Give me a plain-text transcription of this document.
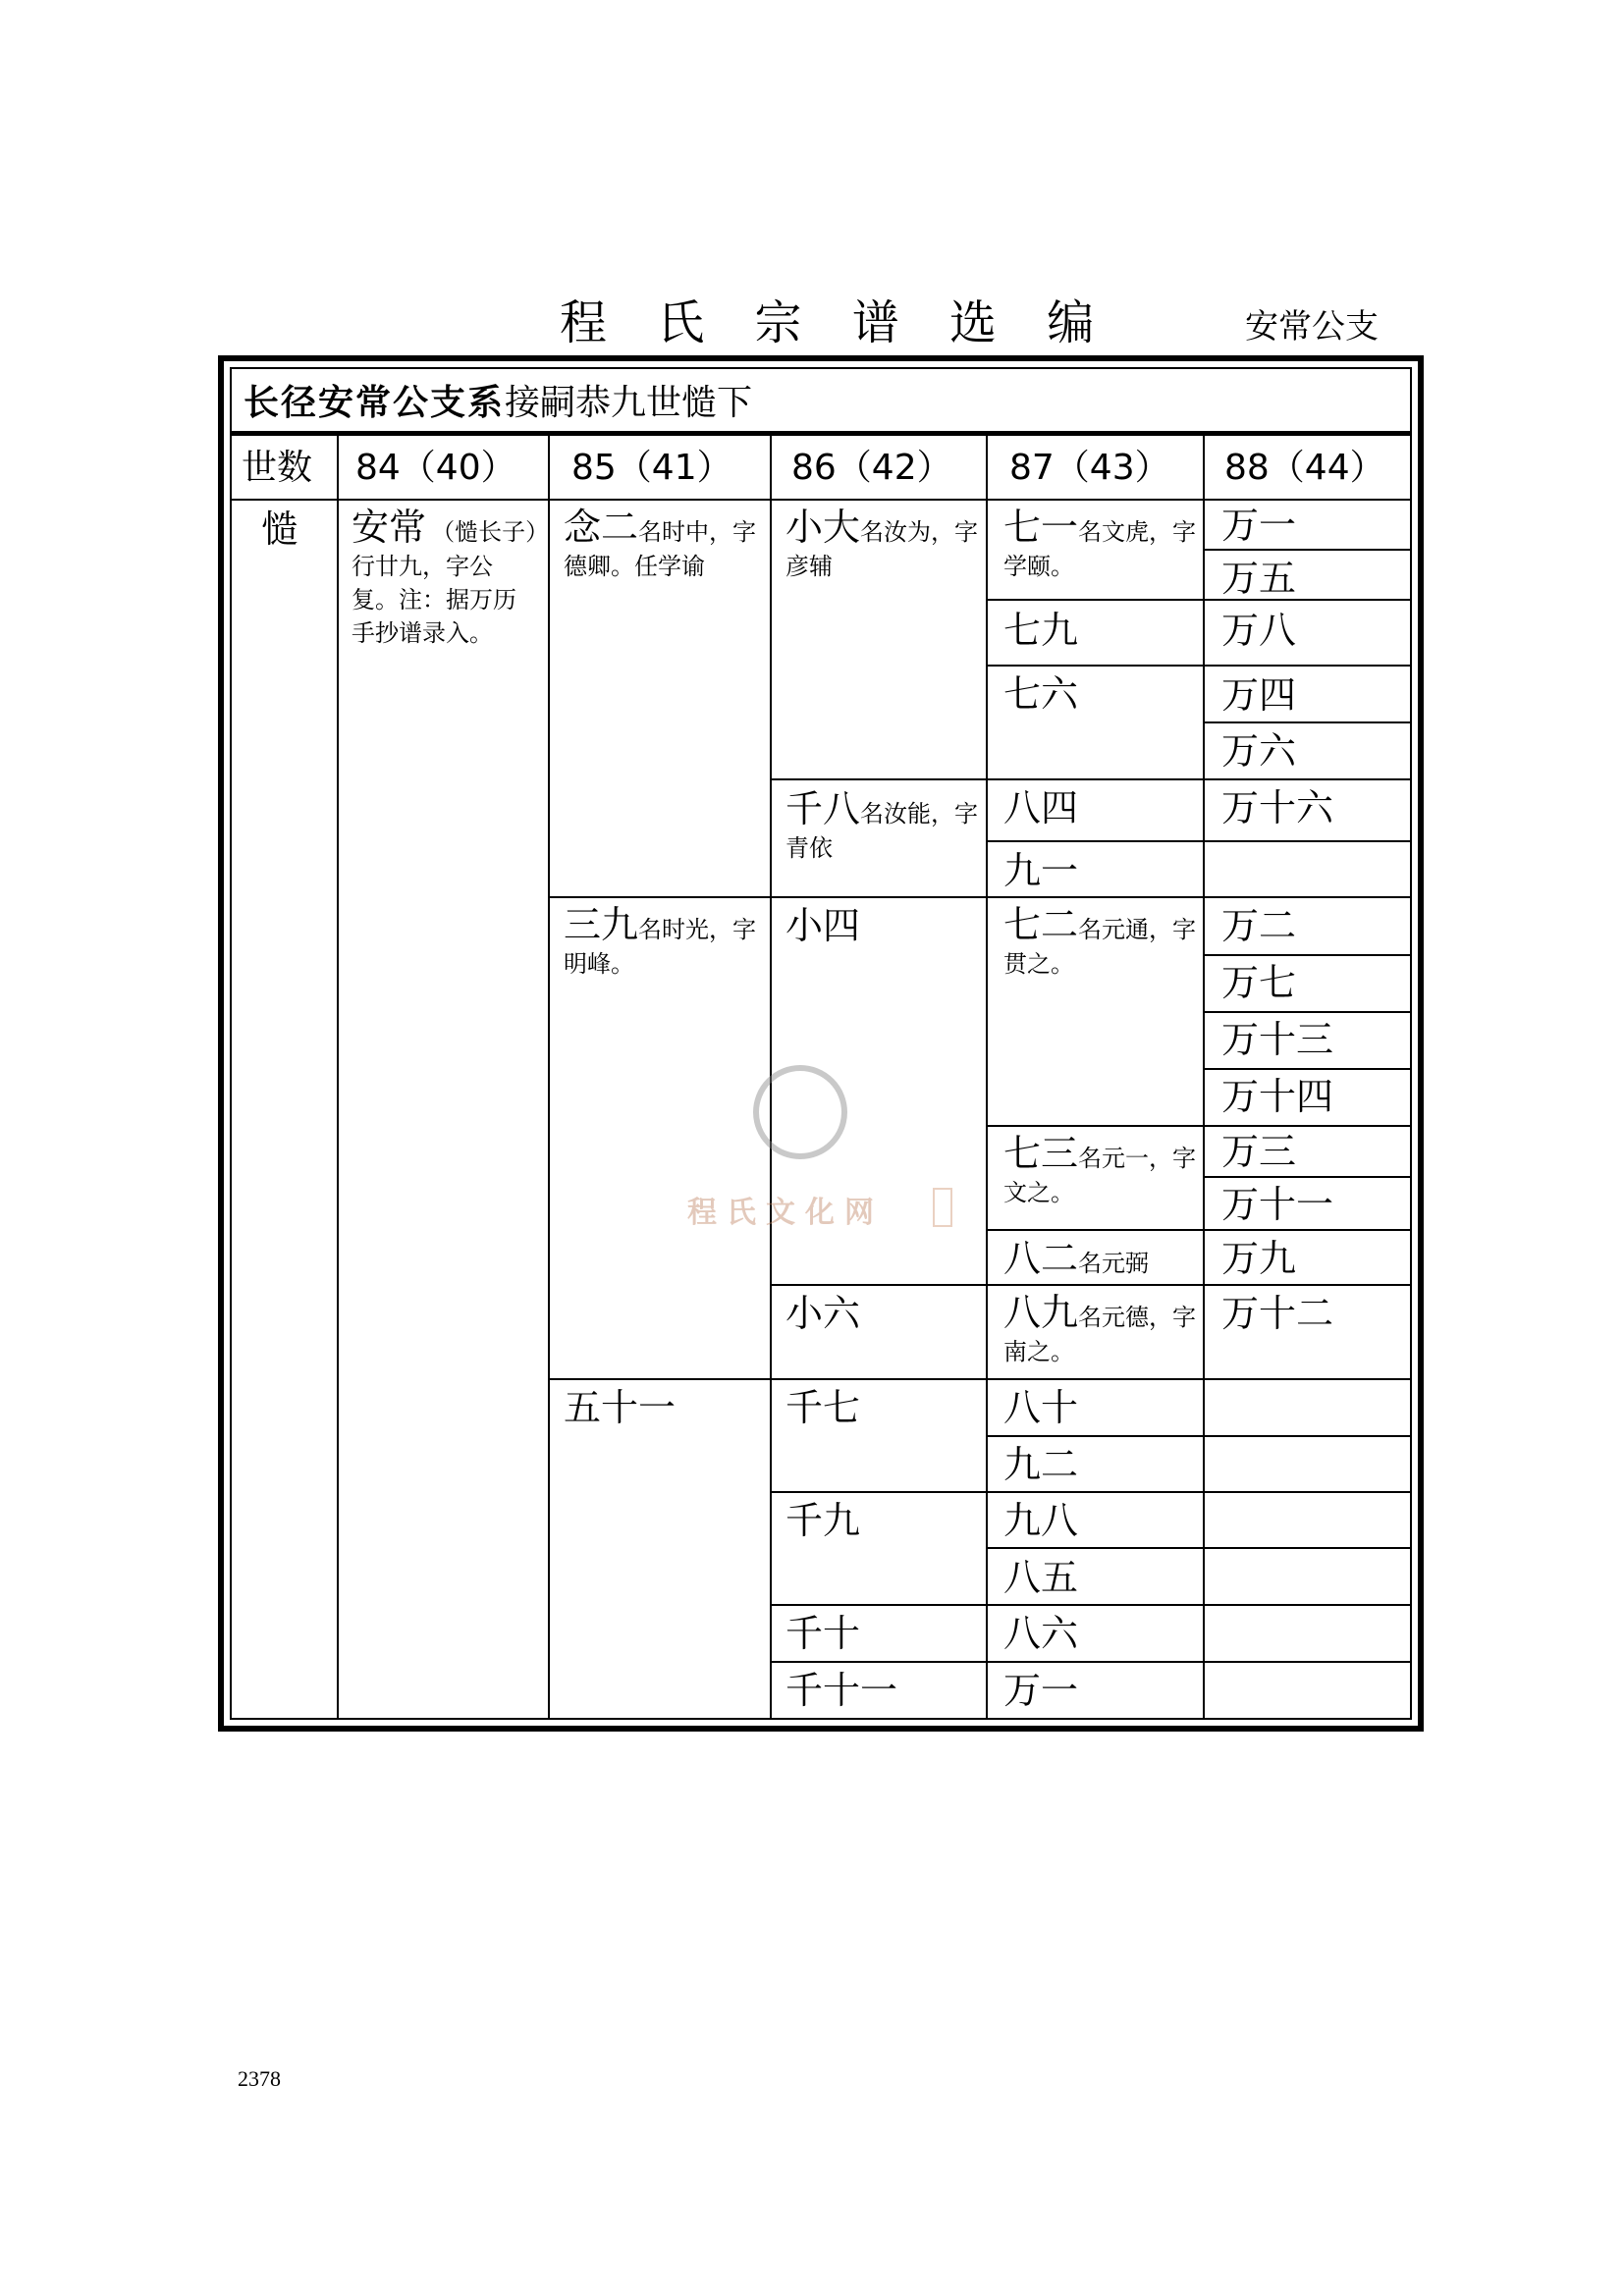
程 氏 宗 谱 选 编	安常公支
长径安常公支系接嗣恭九世慥下
世数 84（40） 85（41） 86（42） 87（43） 88（44）
慥 安常 （慥长子）行廿九，字公复。注：据万历手抄谱录入。
念二名时中，字德卿。任学谕
三九名时光，字明峰。
五十一
小大名汝为，字彦辅
千八名汝能，字青依
小四
小六
千七
千九
千十
千十一
七一名文虎，字学颐。
七九
七六
八四
九一
七二名元通，字贯之。
七三名元一，字文之。
八二名元弼
八九名元德，字南之。
八十
九二
九八
八五
八六
万一
万一
万五
万八
万四
万六
万十六
万二
万七
万十三
万十四
万三
万十一
万九
万十二
程氏文化网
2378
